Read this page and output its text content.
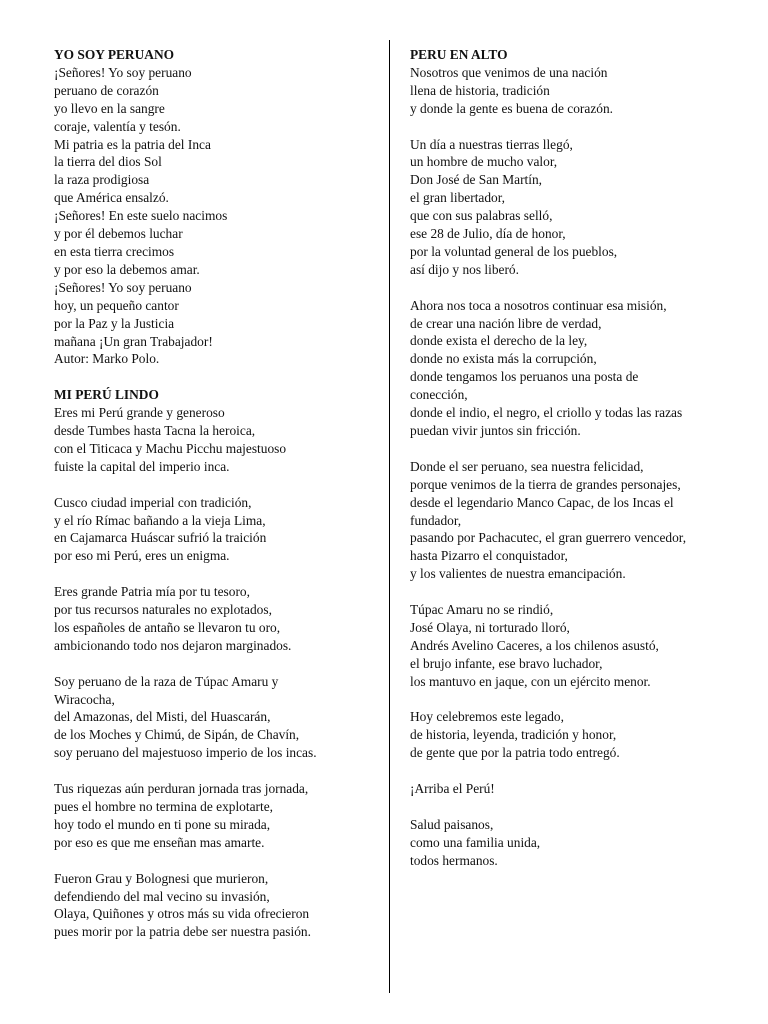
YO SOY PERUANO
¡Señores! Yo soy peruano
peruano de corazón
yo llevo en la sangre
coraje, valentía y tesón.
Mi patria es la patria del Inca
la tierra del dios Sol
la raza prodigiosa
que América ensalzó.
¡Señores! En este suelo nacimos
y por él debemos luchar
en esta tierra crecimos
y por eso la debemos amar.
¡Señores! Yo soy peruano
hoy, un pequeño cantor
por la Paz y la Justicia
mañana ¡Un gran Trabajador!
Autor: Marko Polo.
MI PERÚ LINDO
Eres mi Perú grande y generoso
desde Tumbes hasta Tacna la heroica,
con el Titicaca y Machu Picchu majestuoso
fuiste la capital del imperio inca.
Cusco ciudad imperial con tradición,
y el río Rímac bañando a la vieja Lima,
en Cajamarca Huáscar sufrió la traición
por eso mi Perú, eres un enigma.
Eres grande Patria mía por tu tesoro,
por tus recursos naturales no explotados,
los españoles de antaño se llevaron tu oro,
ambicionando todo nos dejaron marginados.
Soy peruano de la raza de Túpac Amaru y
Wiracocha,
del Amazonas, del Misti, del Huascarán,
de los Moches y Chimú, de Sipán, de Chavín,
soy peruano del majestuoso imperio de los incas.
Tus riquezas aún perduran jornada tras jornada,
pues el hombre no termina de explotarte,
hoy todo el mundo en ti pone su mirada,
por eso es que me enseñan mas amarte.
Fueron Grau y Bolognesi que murieron,
defendiendo del mal vecino su invasión,
Olaya, Quiñones y otros más su vida ofrecieron
pues morir por la patria debe ser nuestra pasión.
PERU EN ALTO
Nosotros que venimos de una nación
llena de historia, tradición
y donde la gente es buena de corazón.
Un día a nuestras tierras llegó,
un hombre de mucho valor,
Don José de San Martín,
el gran libertador,
que con sus palabras selló,
ese 28 de Julio, día de honor,
por la voluntad general de los pueblos,
así dijo y nos liberó.
Ahora nos toca a nosotros continuar esa misión,
de crear una nación libre de verdad,
donde exista el derecho de la ley,
donde no exista más la corrupción,
donde tengamos los peruanos una posta de
conección,
donde el indio, el negro, el criollo y todas las razas
puedan vivir juntos sin fricción.
Donde el ser peruano, sea nuestra felicidad,
porque venimos de la tierra de grandes personajes,
desde el legendario Manco Capac, de los Incas el
fundador,
pasando por Pachacutec, el gran guerrero vencedor,
hasta Pizarro el conquistador,
y los valientes de nuestra emancipación.
Túpac Amaru no se rindió,
José Olaya, ni torturado lloró,
Andrés Avelino Caceres, a los chilenos asustó,
el brujo infante, ese bravo luchador,
los mantuvo en jaque, con un ejército menor.
Hoy celebremos este legado,
de historia, leyenda, tradición y honor,
de gente que por la patria todo entregó.
¡Arriba el Perú!
Salud paisanos,
como una familia unida,
todos hermanos.
